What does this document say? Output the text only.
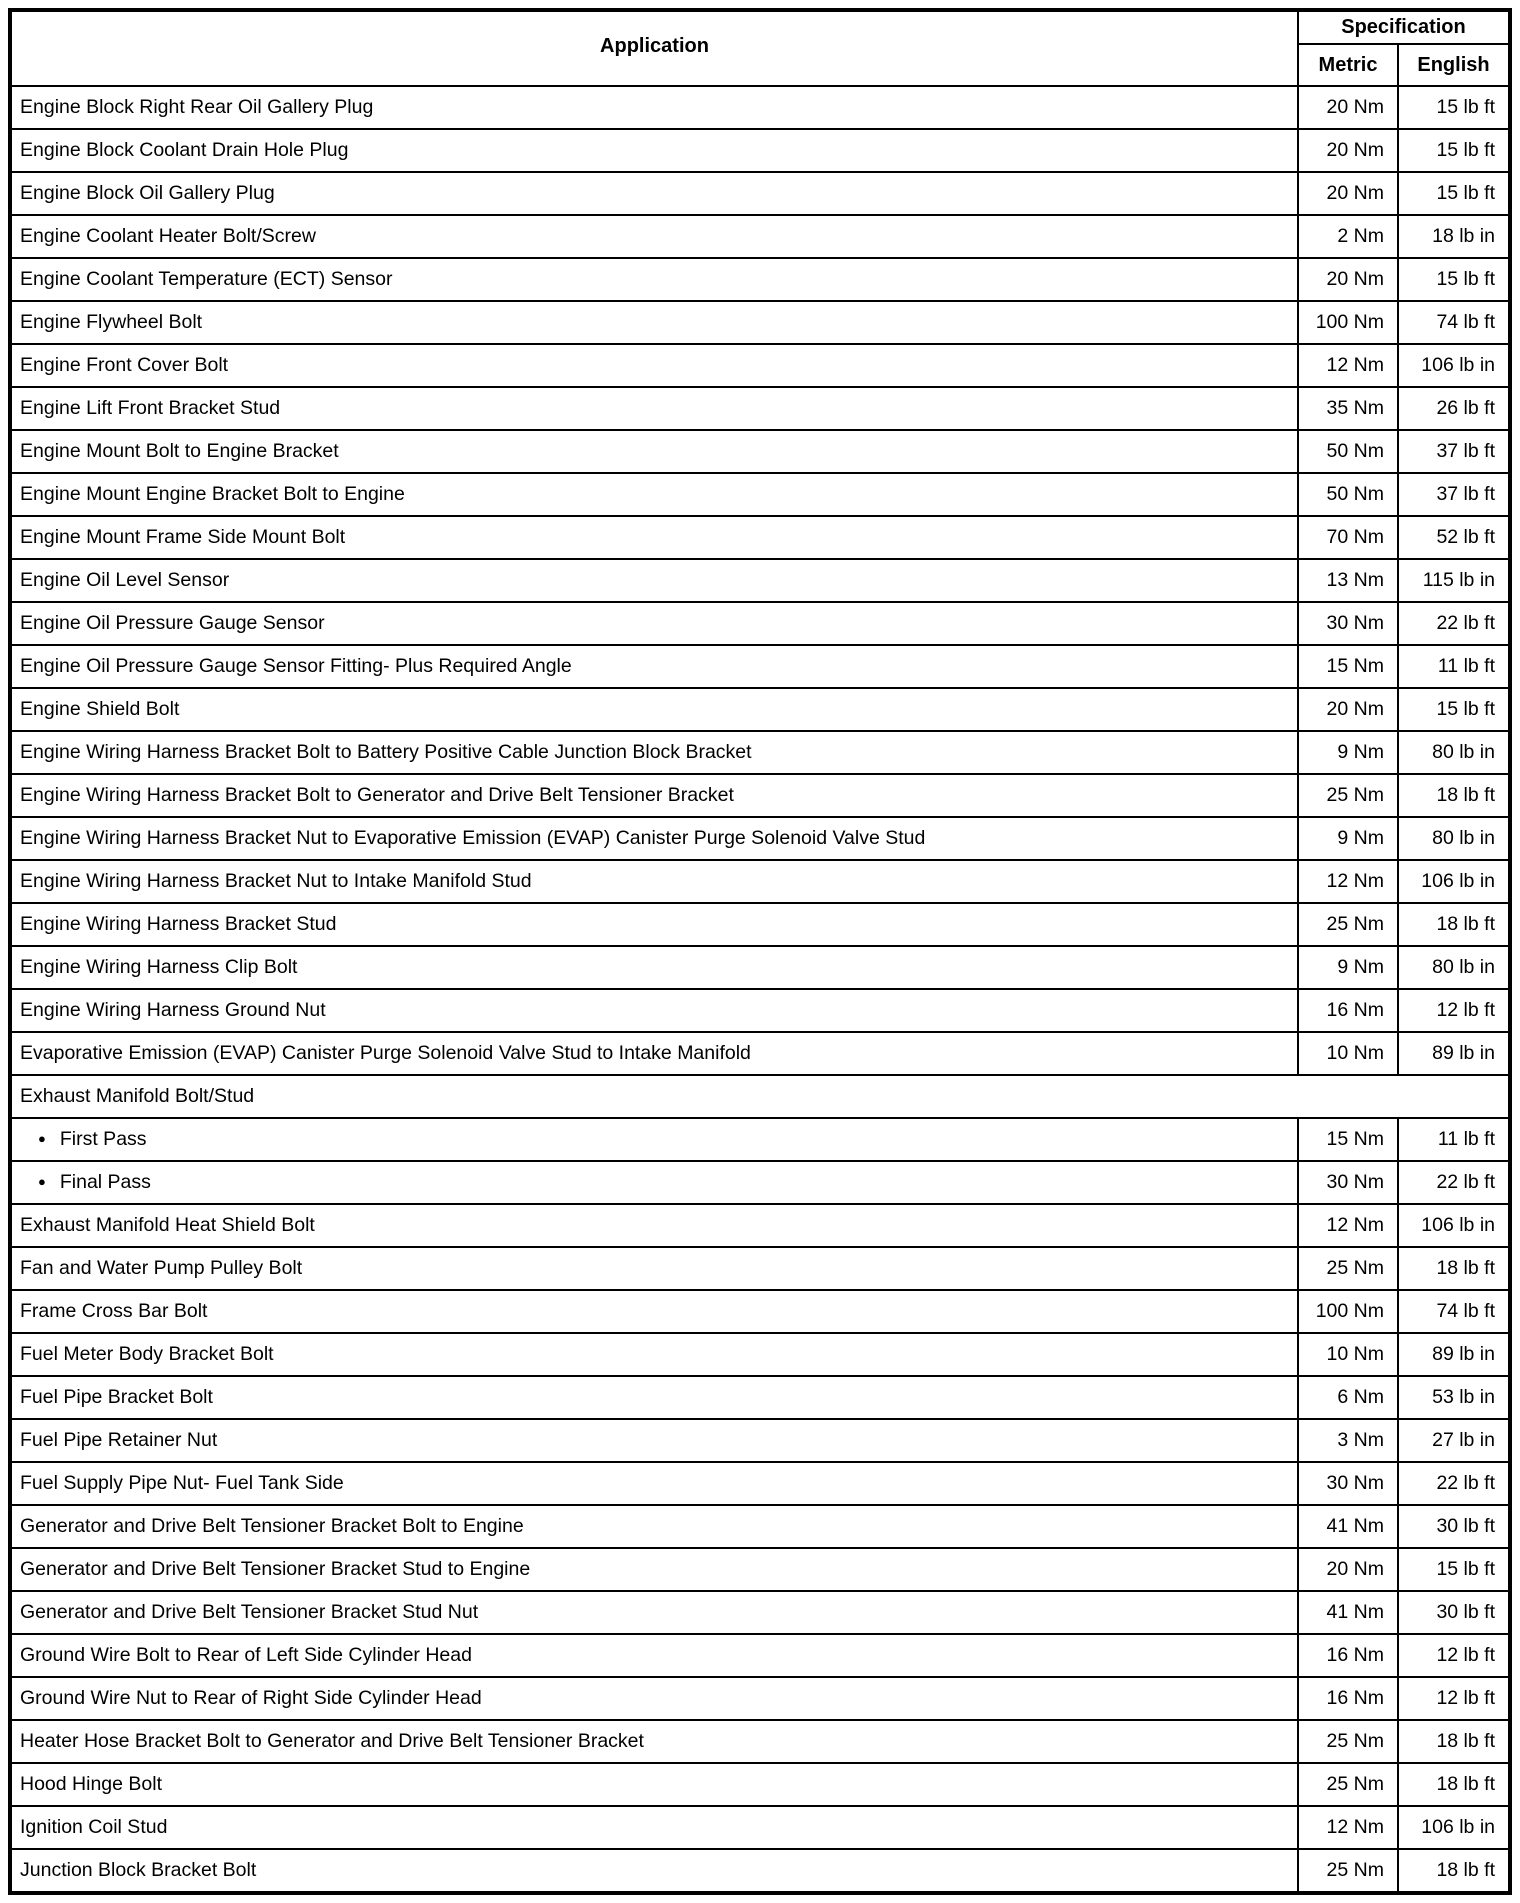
Application	Specification	
	Metric	English
Engine Block Right Rear Oil Gallery Plug	20 Nm	15 lb ft
Engine Block Coolant Drain Hole Plug	20 Nm	15 lb ft
Engine Block Oil Gallery Plug	20 Nm	15 lb ft
Engine Coolant Heater Bolt/Screw	2 Nm	18 lb in
Engine Coolant Temperature (ECT) Sensor	20 Nm	15 lb ft
Engine Flywheel Bolt	100 Nm	74 lb ft
Engine Front Cover Bolt	12 Nm	106 lb in
Engine Lift Front Bracket Stud	35 Nm	26 lb ft
Engine Mount Bolt to Engine Bracket	50 Nm	37 lb ft
Engine Mount Engine Bracket Bolt to Engine	50 Nm	37 lb ft
Engine Mount Frame Side Mount Bolt	70 Nm	52 lb ft
Engine Oil Level Sensor	13 Nm	115 lb in
Engine Oil Pressure Gauge Sensor	30 Nm	22 lb ft
Engine Oil Pressure Gauge Sensor Fitting- Plus Required Angle	15 Nm	11 lb ft
Engine Shield Bolt	20 Nm	15 lb ft
Engine Wiring Harness Bracket Bolt to Battery Positive Cable Junction Block Bracket	9 Nm	80 lb in
Engine Wiring Harness Bracket Bolt to Generator and Drive Belt Tensioner Bracket	25 Nm	18 lb ft
Engine Wiring Harness Bracket Nut to Evaporative Emission (EVAP) Canister Purge Solenoid Valve Stud	9 Nm	80 lb in
Engine Wiring Harness Bracket Nut to Intake Manifold Stud	12 Nm	106 lb in
Engine Wiring Harness Bracket Stud	25 Nm	18 lb ft
Engine Wiring Harness Clip Bolt	9 Nm	80 lb in
Engine Wiring Harness Ground Nut	16 Nm	12 lb ft
Evaporative Emission (EVAP) Canister Purge Solenoid Valve Stud to Intake Manifold	10 Nm	89 lb in
Exhaust Manifold Bolt/Stud		
● First Pass	15 Nm	11 lb ft
● Final Pass	30 Nm	22 lb ft
Exhaust Manifold Heat Shield Bolt	12 Nm	106 lb in
Fan and Water Pump Pulley Bolt	25 Nm	18 lb ft
Frame Cross Bar Bolt	100 Nm	74 lb ft
Fuel Meter Body Bracket Bolt	10 Nm	89 lb in
Fuel Pipe Bracket Bolt	6 Nm	53 lb in
Fuel Pipe Retainer Nut	3 Nm	27 lb in
Fuel Supply Pipe Nut- Fuel Tank Side	30 Nm	22 lb ft
Generator and Drive Belt Tensioner Bracket Bolt to Engine	41 Nm	30 lb ft
Generator and Drive Belt Tensioner Bracket Stud to Engine	20 Nm	15 lb ft
Generator and Drive Belt Tensioner Bracket Stud Nut	41 Nm	30 lb ft
Ground Wire Bolt to Rear of Left Side Cylinder Head	16 Nm	12 lb ft
Ground Wire Nut to Rear of Right Side Cylinder Head	16 Nm	12 lb ft
Heater Hose Bracket Bolt to Generator and Drive Belt Tensioner Bracket	25 Nm	18 lb ft
Hood Hinge Bolt	25 Nm	18 lb ft
Ignition Coil Stud	12 Nm	106 lb in
Junction Block Bracket Bolt	25 Nm	18 lb ft
